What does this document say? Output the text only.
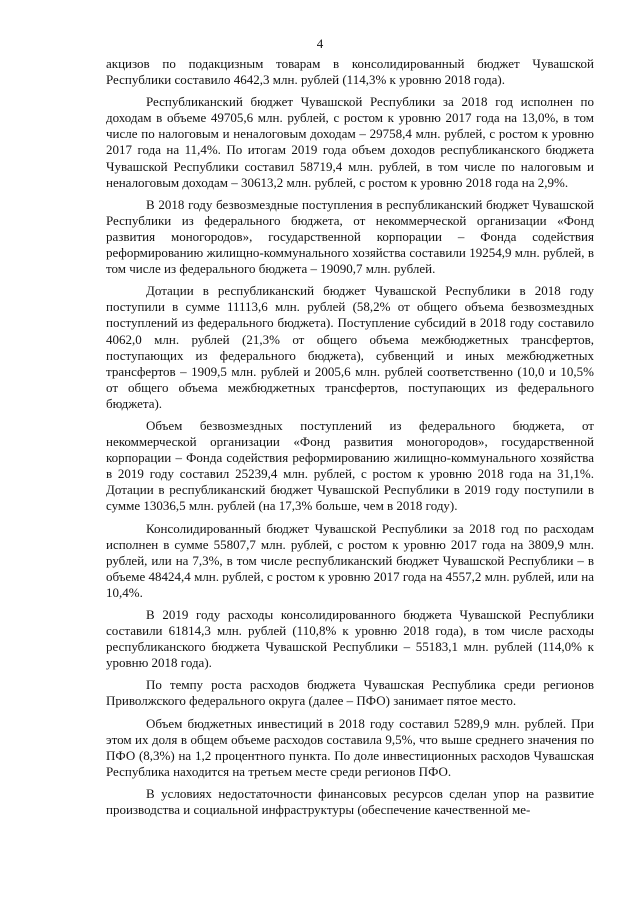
4

акцизов по подакцизным товарам в консолидированный бюджет Чувашской Республики составило 4642,3 млн. рублей (114,3% к уровню 2018 года).

Республиканский бюджет Чувашской Республики за 2018 год исполнен по доходам в объеме 49705,6 млн. рублей, с ростом к уровню 2017 года на 13,0%, в том числе по налоговым и неналоговым доходам – 29758,4 млн. рублей, с ростом к уровню 2017 года на 11,4%. По итогам 2019 года объем доходов республиканского бюджета Чувашской Республики составил 58719,4 млн. рублей, в том числе по налоговым и неналоговым доходам – 30613,2 млн. рублей, с ростом к уровню 2018 года на 2,9%.

В 2018 году безвозмездные поступления в республиканский бюджет Чувашской Республики из федерального бюджета, от некоммерческой организации «Фонд развития моногородов», государственной корпорации – Фонда содействия реформированию жилищно-коммунального хозяйства составили 19254,9 млн. рублей, в том числе из федерального бюджета – 19090,7 млн. рублей.

Дотации в республиканский бюджет Чувашской Республики в 2018 году поступили в сумме 11113,6 млн. рублей (58,2% от общего объема безвозмездных поступлений из федерального бюджета). Поступление субсидий в 2018 году составило 4062,0 млн. рублей (21,3% от общего объема межбюджетных трансфертов, поступающих из федерального бюджета), субвенций и иных межбюджетных трансфертов – 1909,5 млн. рублей и 2005,6 млн. рублей соответственно (10,0 и 10,5% от общего объема межбюджетных трансфертов, поступающих из федерального бюджета).

Объем безвозмездных поступлений из федерального бюджета, от некоммерческой организации «Фонд развития моногородов», государственной корпорации – Фонда содействия реформированию жилищно-коммунального хозяйства в 2019 году составил 25239,4 млн. рублей, с ростом к уровню 2018 года на 31,1%. Дотации в республиканский бюджет Чувашской Республики в 2019 году поступили в сумме 13036,5 млн. рублей (на 17,3% больше, чем в 2018 году).

Консолидированный бюджет Чувашской Республики за 2018 год по расходам исполнен в сумме 55807,7 млн. рублей, с ростом к уровню 2017 года на 3809,9 млн. рублей, или на 7,3%, в том числе республиканский бюджет Чувашской Республики – в объеме 48424,4 млн. рублей, с ростом к уровню 2017 года на 4557,2 млн. рублей, или на 10,4%.

В 2019 году расходы консолидированного бюджета Чувашской Республики составили 61814,3 млн. рублей (110,8% к уровню 2018 года), в том числе расходы республиканского бюджета Чувашской Республики – 55183,1 млн. рублей (114,0% к уровню 2018 года).

По темпу роста расходов бюджета Чувашская Республика среди регионов Приволжского федерального округа (далее – ПФО) занимает пятое место.

Объем бюджетных инвестиций в 2018 году составил 5289,9 млн. рублей. При этом их доля в общем объеме расходов составила 9,5%, что выше среднего значения по ПФО (8,3%) на 1,2 процентного пункта. По доле инвестиционных расходов Чувашская Республика находится на третьем месте среди регионов ПФО.

В условиях недостаточности финансовых ресурсов сделан упор на развитие производства и социальной инфраструктуры (обеспечение качественной ме-
